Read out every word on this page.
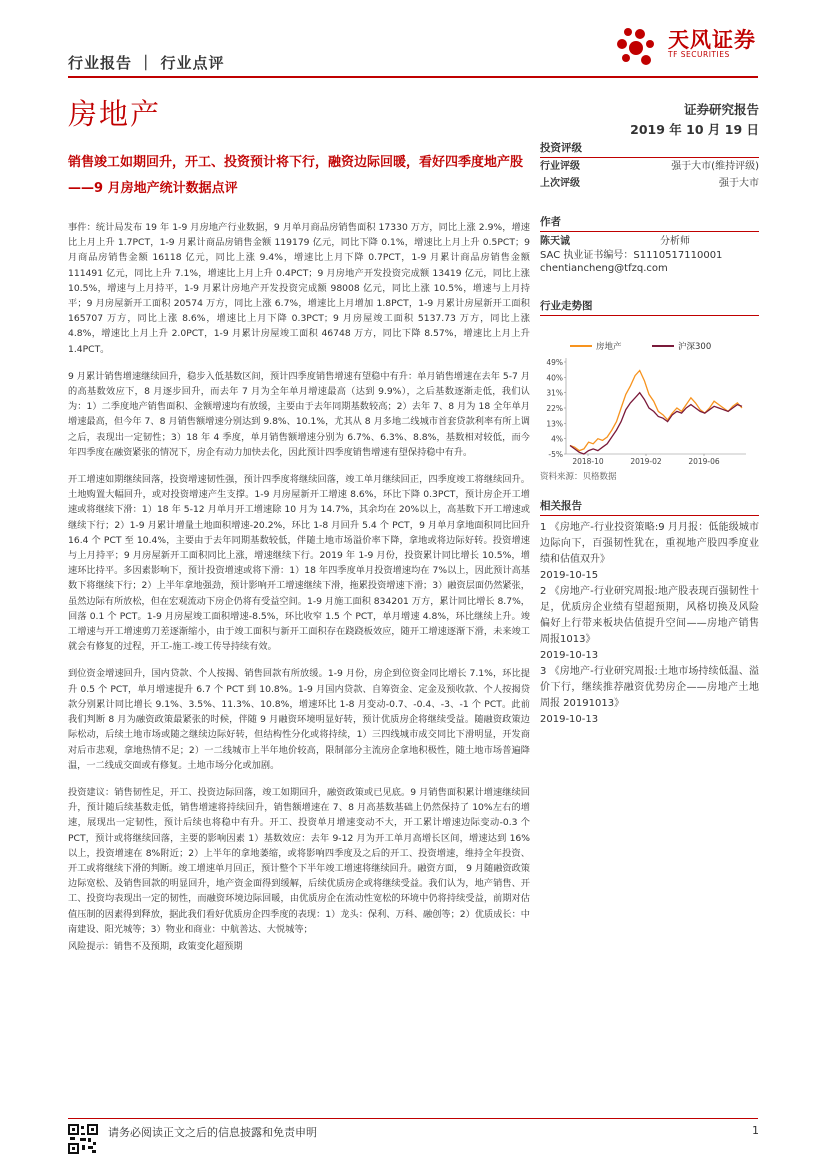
行业报告 ｜ 行业点评
天风证券
TF SECURITIES
房地产	证券研究报告
2019 年 10 月 19 日
销售竣工如期回升，开工、投资预计将下行，融资边际回暖，看好四季度地产股——9 月房地产统计数据点评

事件：统计局发布 19 年 1-9 月房地产行业数据，9 月单月商品房销售面积 17330 万方，同比上涨 2.9%，增速比上月上升 1.7PCT，1-9 月累计商品房销售金额 119179 亿元，同比下降 0.1%，增速比上月上升 0.5PCT；9 月商品房销售金额 16118 亿元，同比上涨 9.4%，增速比上月下降 0.7PCT，1-9 月累计商品房销售金额 111491 亿元，同比上升 7.1%，增速比上月上升 0.4PCT；9 月房地产开发投资完成额 13419 亿元，同比上涨 10.5%，增速与上月持平，1-9 月累计房地产开发投资完成额 98008 亿元，同比上涨 10.5%，增速与上月持平；9 月房屋新开工面积 20574 万方，同比上涨 6.7%，增速比上月增加 1.8PCT，1-9 月累计房屋新开工面积 165707 万方，同比上涨 8.6%，增速比上月下降 0.3PCT；9 月房屋竣工面积 5137.73 万方，同比上涨 4.8%，增速比上月上升 2.0PCT，1-9 月累计房屋竣工面积 46748 万方，同比下降 8.57%，增速比上月上升 1.4PCT。

9 月累计销售增速继续回升，稳步入低基数区间，预计四季度销售增速有望稳中有升：单月销售增速在去年 5-7 月的高基数效应下，8 月逐步回升，而去年 7 月为全年单月增速最高（达到 9.9%），之后基数逐渐走低，我们认为：1）二季度地产销售面积、金额增速均有放缓，主要由于去年同期基数较高；2）去年 7、8 月为 18 全年单月增速最高，但今年 7、8 月销售额增速分别达到 9.8%、10.1%，尤其从 8 月多地二线城市首套贷款利率有所上调之后，表现出一定韧性；3）18 年 4 季度，单月销售额增速分别为 6.7%、6.3%、8.8%，基数相对较低，而今年四季度在融资紧张的情况下，房企有动力加快去化，因此预计四季度销售增速有望保持稳中有升。

开工增速如期继续回落，投资增速韧性强，预计四季度将继续回落，竣工单月继续回正，四季度竣工将继续回升。土地购置大幅回升，或对投资增速产生支撑。1-9 月房屋新开工增速 8.6%，环比下降 0.3PCT，预计房企开工增速或将继续下滑：1）18 年 5-12 月单月开工增速除 10 月为 14.7%，其余均在 20%以上，高基数下开工增速或继续下行；2）1-9 月累计增量土地面积增速-20.2%，环比 1-8 月回升 5.4 个 PCT，9 月单月拿地面积同比回升 16.4 个 PCT 至 10.4%，主要由于去年同期基数较低，伴随土地市场溢价率下降，拿地或将边际好转。投资增速与上月持平；9 月房屋新开工面积同比上涨，增速继续下行。2019 年 1-9 月份，投资累计同比增长 10.5%，增速环比持平。多因素影响下，预计投资增速或将下滑：1）18 年四季度单月投资增速均在 7%以上，因此预计高基数下将继续下行；2）上半年拿地强劲，预计影响开工增速继续下滑，拖累投资增速下滑；3）融资层面仍然紧张，虽然边际有所放松，但在宏观流动下房企仍将有受益空间。1-9 月施工面积 834201 万方，累计同比增长 8.7%，回落 0.1 个 PCT。1-9 月房屋竣工面积增速-8.5%，环比收窄 1.5 个 PCT，单月增速 4.8%，环比继续上升。竣工增速与开工增速剪刀差逐渐缩小，由于竣工面积与新开工面积存在跷跷板效应，随开工增速逐渐下滑，未来竣工就会有修复的过程，开工-施工-竣工传导持续有效。

到位资金增速回升，国内贷款、个人按揭、销售回款有所放缓。1-9 月份，房企到位资金同比增长 7.1%，环比提升 0.5 个 PCT，单月增速提升 6.7 个 PCT 到 10.8%。1-9 月国内贷款、自筹资金、定金及预收款、个人按揭贷款分别累计同比增长 9.1%、3.5%、11.3%、10.8%，增速环比 1-8 月变动-0.7、-0.4、-3、-1 个 PCT。此前我们判断 8 月为融资政策最紧张的时候，伴随 9 月融资环境明显好转，预计优质房企将继续受益。随融资政策边际松动，后续土地市场或随之继续边际好转，但结构性分化或将持续，1）三四线城市成交同比下滑明显，开发商对后市悲观，拿地热情不足；2）一二线城市上半年地价较高，限制部分主流房企拿地积极性，随土地市场普遍降温，一二线成交面或有修复。土地市场分化或加剧。

投资建议：销售韧性足，开工、投资边际回落，竣工如期回升，融资政策或已见底。9 月销售面积累计增速继续回升，预计随后续基数走低，销售增速将持续回升，销售额增速在 7、8 月高基数基础上仍然保持了 10%左右的增速，展现出一定韧性，预计后续也将稳中有升。开工、投资单月增速变动不大，开工累计增速边际变动-0.3 个 PCT，预计或将继续回落，主要的影响因素 1）基数效应：去年 9-12 月为开工单月高增长区间，增速达到 16%以上，投资增速在 8%附近；2）上半年的拿地萎缩，或将影响四季度及之后的开工、投资增速，维持全年投资、开工或将继续下滑的判断。竣工增速单月回正，预计整个下半年竣工增速将继续回升。融资方面， 9 月随融资政策边际宽松、及销售回款的明显回升，地产资金面得到缓解，后续优质房企或将继续受益。我们认为，地产销售、开工、投资均表现出一定的韧性，而融资环境边际回暖，由优质房企在流动性宽松的环境中仍将持续受益，前期对估值压制的因素得到释放，据此我们看好优质房企四季度的表现：1）龙头：保利、万科、融创等；2）优质成长：中南建设、阳光城等；3）物业和商业：中航善达、大悦城等；

风险提示：销售不及预期，政策变化超预期

投资评级
行业评级	强于大市(维持评级)
上次评级	强于大市
作者
陈天诚	分析师
SAC 执业证书编号：S1110517110001
chentiancheng@tfzq.com
行业走势图
房地产	沪深300
-5%
4%
13%
22%
31%
40%
49%
2018-10	2019-02	2019-06
资料来源：贝格数据
相关报告
1 《房地产-行业投资策略:9 月月报：低能级城市边际向下，百强韧性犹在，重视地产股四季度业绩和估值双升》
2019-10-15
2 《房地产-行业研究周报:地产股表现百强韧性十足，优质房企业绩有望超预期，风格切换及风险偏好上行带来板块估值提升空间——房地产销售周报1013》
2019-10-13
3 《房地产-行业研究周报:土地市场持续低温、溢价下行，继续推荐融资优势房企——房地产土地周报 20191013》
2019-10-13
请务必阅读正文之后的信息披露和免责申明	1
